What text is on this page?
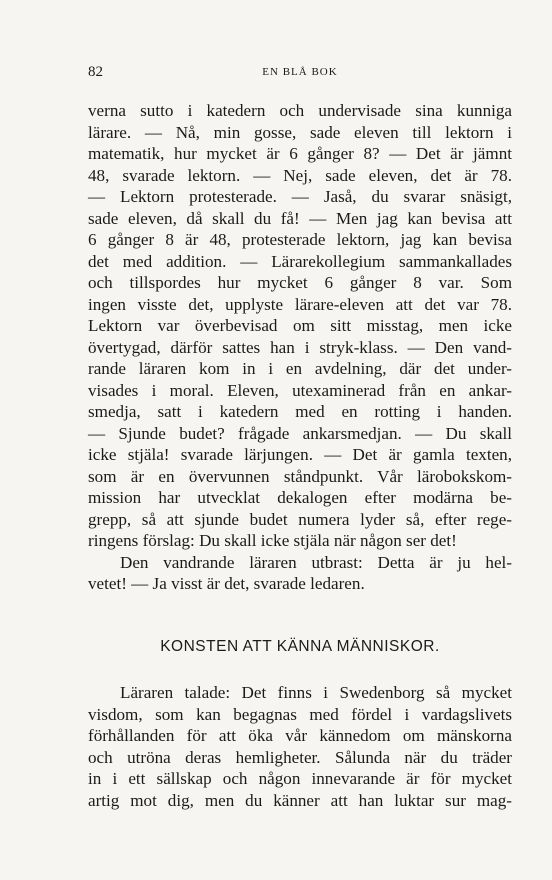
82	EN BLÅ BOK
verna sutto i katedern och undervisade sina kunniga
lärare. — Nå, min gosse, sade eleven till lektorn i
matematik, hur mycket är 6 gånger 8? — Det är jämnt
48, svarade lektorn. — Nej, sade eleven, det är 78.
— Lektorn protesterade. — Jaså, du svarar snäsigt,
sade eleven, då skall du få! — Men jag kan bevisa att
6 gånger 8 är 48, protesterade lektorn, jag kan bevisa
det med addition. — Lärarekollegium sammankallades
och tillspordes hur mycket 6 gånger 8 var. Som
ingen visste det, upplyste lärare-eleven att det var 78.
Lektorn var överbevisad om sitt misstag, men icke
övertygad, därför sattes han i stryk-klass. — Den vand-
rande läraren kom in i en avdelning, där det under-
visades i moral. Eleven, utexaminerad från en ankar-
smedja, satt i katedern med en rotting i handen.
— Sjunde budet? frågade ankarsmedjan. — Du skall
icke stjäla! svarade lärjungen. — Det är gamla texten,
som är en övervunnen ståndpunkt. Vår lärobokskom-
mission har utvecklat dekalogen efter modärna be-
grepp, så att sjunde budet numera lyder så, efter rege-
ringens förslag: Du skall icke stjäla när någon ser det!
Den vandrande läraren utbrast: Detta är ju hel-
vetet! — Ja visst är det, svarade ledaren.
KONSTEN ATT KÄNNA MÄNNISKOR.
Läraren talade: Det finns i Swedenborg så mycket
visdom, som kan begagnas med fördel i vardagslivets
förhållanden för att öka vår kännedom om mänskorna
och utröna deras hemligheter. Sålunda när du träder
in i ett sällskap och någon innevarande är för mycket
artig mot dig, men du känner att han luktar sur mag-
